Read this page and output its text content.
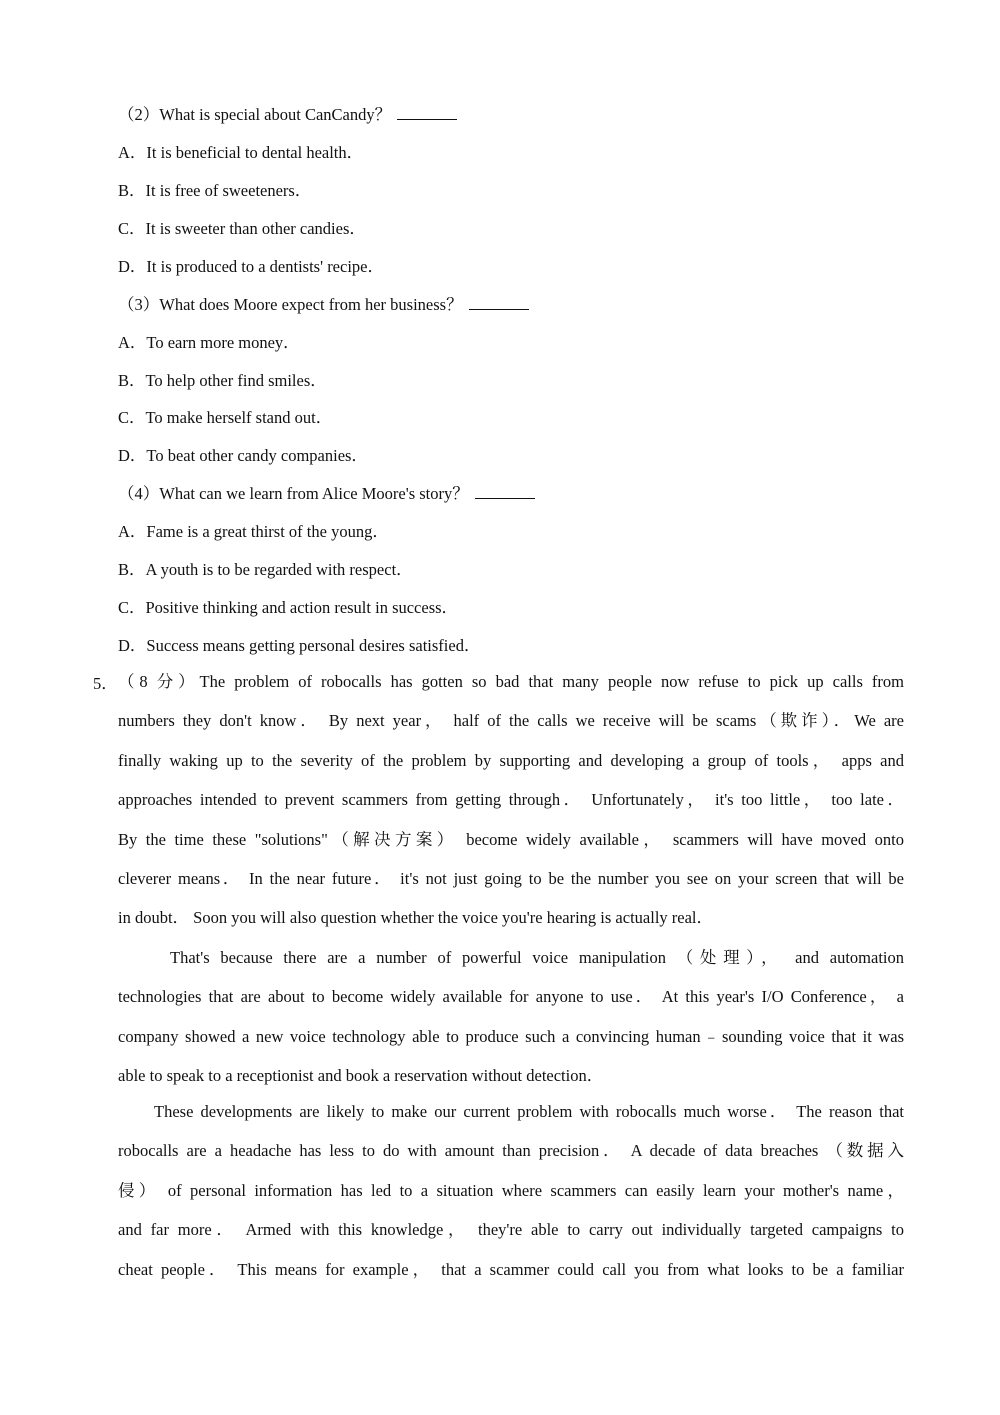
（2）What is special about CanCandy？
A．It is beneficial to dental health．
B．It is free of sweeteners．
C．It is sweeter than other candies．
D．It is produced to a dentists' recipe．
（3）What does Moore expect from her business？
A．To earn more money．
B．To help other find smiles．
C．To make herself stand out．
D．To beat other candy companies．
（4）What can we learn from Alice Moore's story？
A．Fame is a great thirst of the young．
B．A youth is to be regarded with respect．
C．Positive thinking and action result in success．
D．Success means getting personal desires satisfied．
5． （8 分）The problem of robocalls has gotten so bad that many people now refuse to pick up calls from
numbers they don't know． By next year， half of the calls we receive will be scams（欺诈）．We are
finally waking up to the severity of the problem by supporting and developing a group of tools， apps and
approaches intended to prevent scammers from getting through． Unfortunately， it's too little， too late．
By the time these "solutions"（解决方案） become widely available， scammers will have moved onto
cleverer means． In the near future． it's not just going to be the number you see on your screen that will be
in doubt． Soon you will also question whether the voice you're hearing is actually real．
That's because there are a number of powerful voice manipulation （处理）， and automation
technologies that are about to become widely available for anyone to use． At this year's I/O Conference， a
company showed a new voice technology able to produce such a convincing human﹣sounding voice that it was
able to speak to a receptionist and book a reservation without detection．
These developments are likely to make our current problem with robocalls much worse． The reason that
robocalls are a headache has less to do with amount than precision． A decade of data breaches （数据入
侵） of personal information has led to a situation where scammers can easily learn your mother's name，
and far more． Armed with this knowledge， they're able to carry out individually targeted campaigns to
cheat people． This means for example， that a scammer could call you from what looks to be a familiar
